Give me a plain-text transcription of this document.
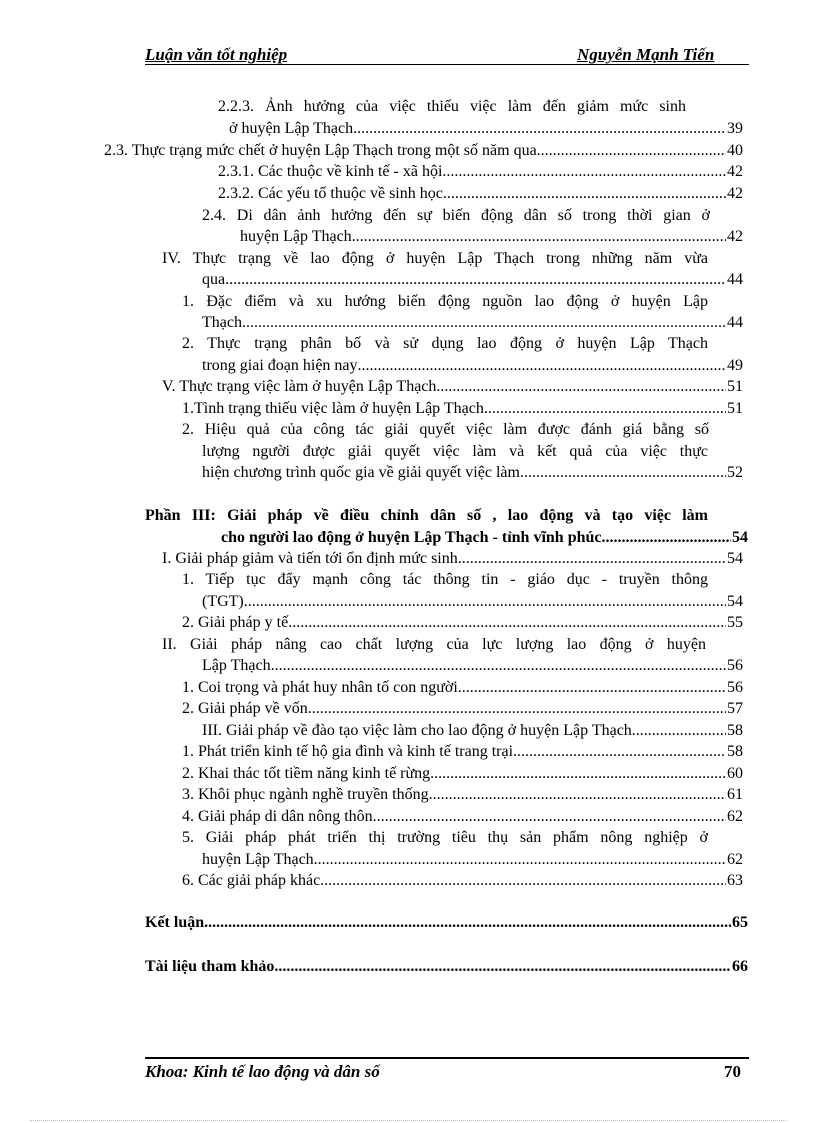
Luận văn tốt nghiệp	Nguyễn Mạnh Tiến
2.2.3. Ảnh hưởng của việc thiếu việc làm đến giảm mức sinh
ở huyện Lập Thạch .....	39
2.3. Thực trạng mức chết ở huyện Lập Thạch trong một số năm qua .....	40
2.3.1. Các thuộc về kinh tế - xã hội .....	42
2.3.2. Các yếu tố thuộc về sinh học .....	42
2.4. Di dân ảnh hưởng đến sự biến động dân số trong thời gian ở
huyện Lập Thạch .....	42
IV. Thực trạng về lao động ở huyện Lập Thạch trong những năm vừa
qua. .....	44
1. Đặc điểm và xu hướng biến động nguồn lao động ở huyện Lập
Thạch .....	44
2. Thực trạng phân bố và sử dụng lao động ở huyện Lập Thạch
trong giai đoạn hiện nay .....	49
V. Thực trạng việc làm ở huyện Lập Thạch .....	51
1.Tình trạng thiếu việc làm ở huyện Lập Thạch .....	51
2. Hiệu quả của công tác giải quyết việc làm được đánh giá bằng số
lượng người được giải quyết việc làm và kết quả của việc thực
hiện chương trình quốc gia về giải quyết việc làm. .....	52
Phần III: Giải pháp về điều chỉnh dân số , lao động và tạo việc làm
cho người lao động ở huyện Lập Thạch - tỉnh vĩnh phúc .....	54
I. Giải pháp giảm và tiến tới ổn định mức sinh .....	54
1. Tiếp tục đẩy mạnh công tác thông tin - giáo dục - truyền thông
(TGT) .....	54
2. Giải pháp y tế .....	55
II. Giải pháp nâng cao chất lượng của lực lượng lao động ở huyện
Lập Thạch .....	56
1. Coi trọng và phát huy nhân tố con người .....	56
2. Giải pháp về vốn. .....	57
III. Giải pháp về đào tạo việc làm cho lao động ở huyện Lập Thạch .....	58
1. Phát triển kinh tế hộ gia đình và kinh tế trang trại. .....	58
2. Khai thác tốt tiềm năng kinh tế rừng. .....	60
3. Khôi phục ngành nghề truyền thống. .....	61
4. Giải pháp di dân nông thôn. .....	62
5. Giải pháp phát triển thị trường tiêu thụ sản phẩm nông nghiệp ở
huyện Lập Thạch .....	62
6. Các giải pháp khác. .....	63
Kết luận .....	65
Tài liệu tham khảo .....	66
Khoa: Kinh tế lao động và dân số	70
